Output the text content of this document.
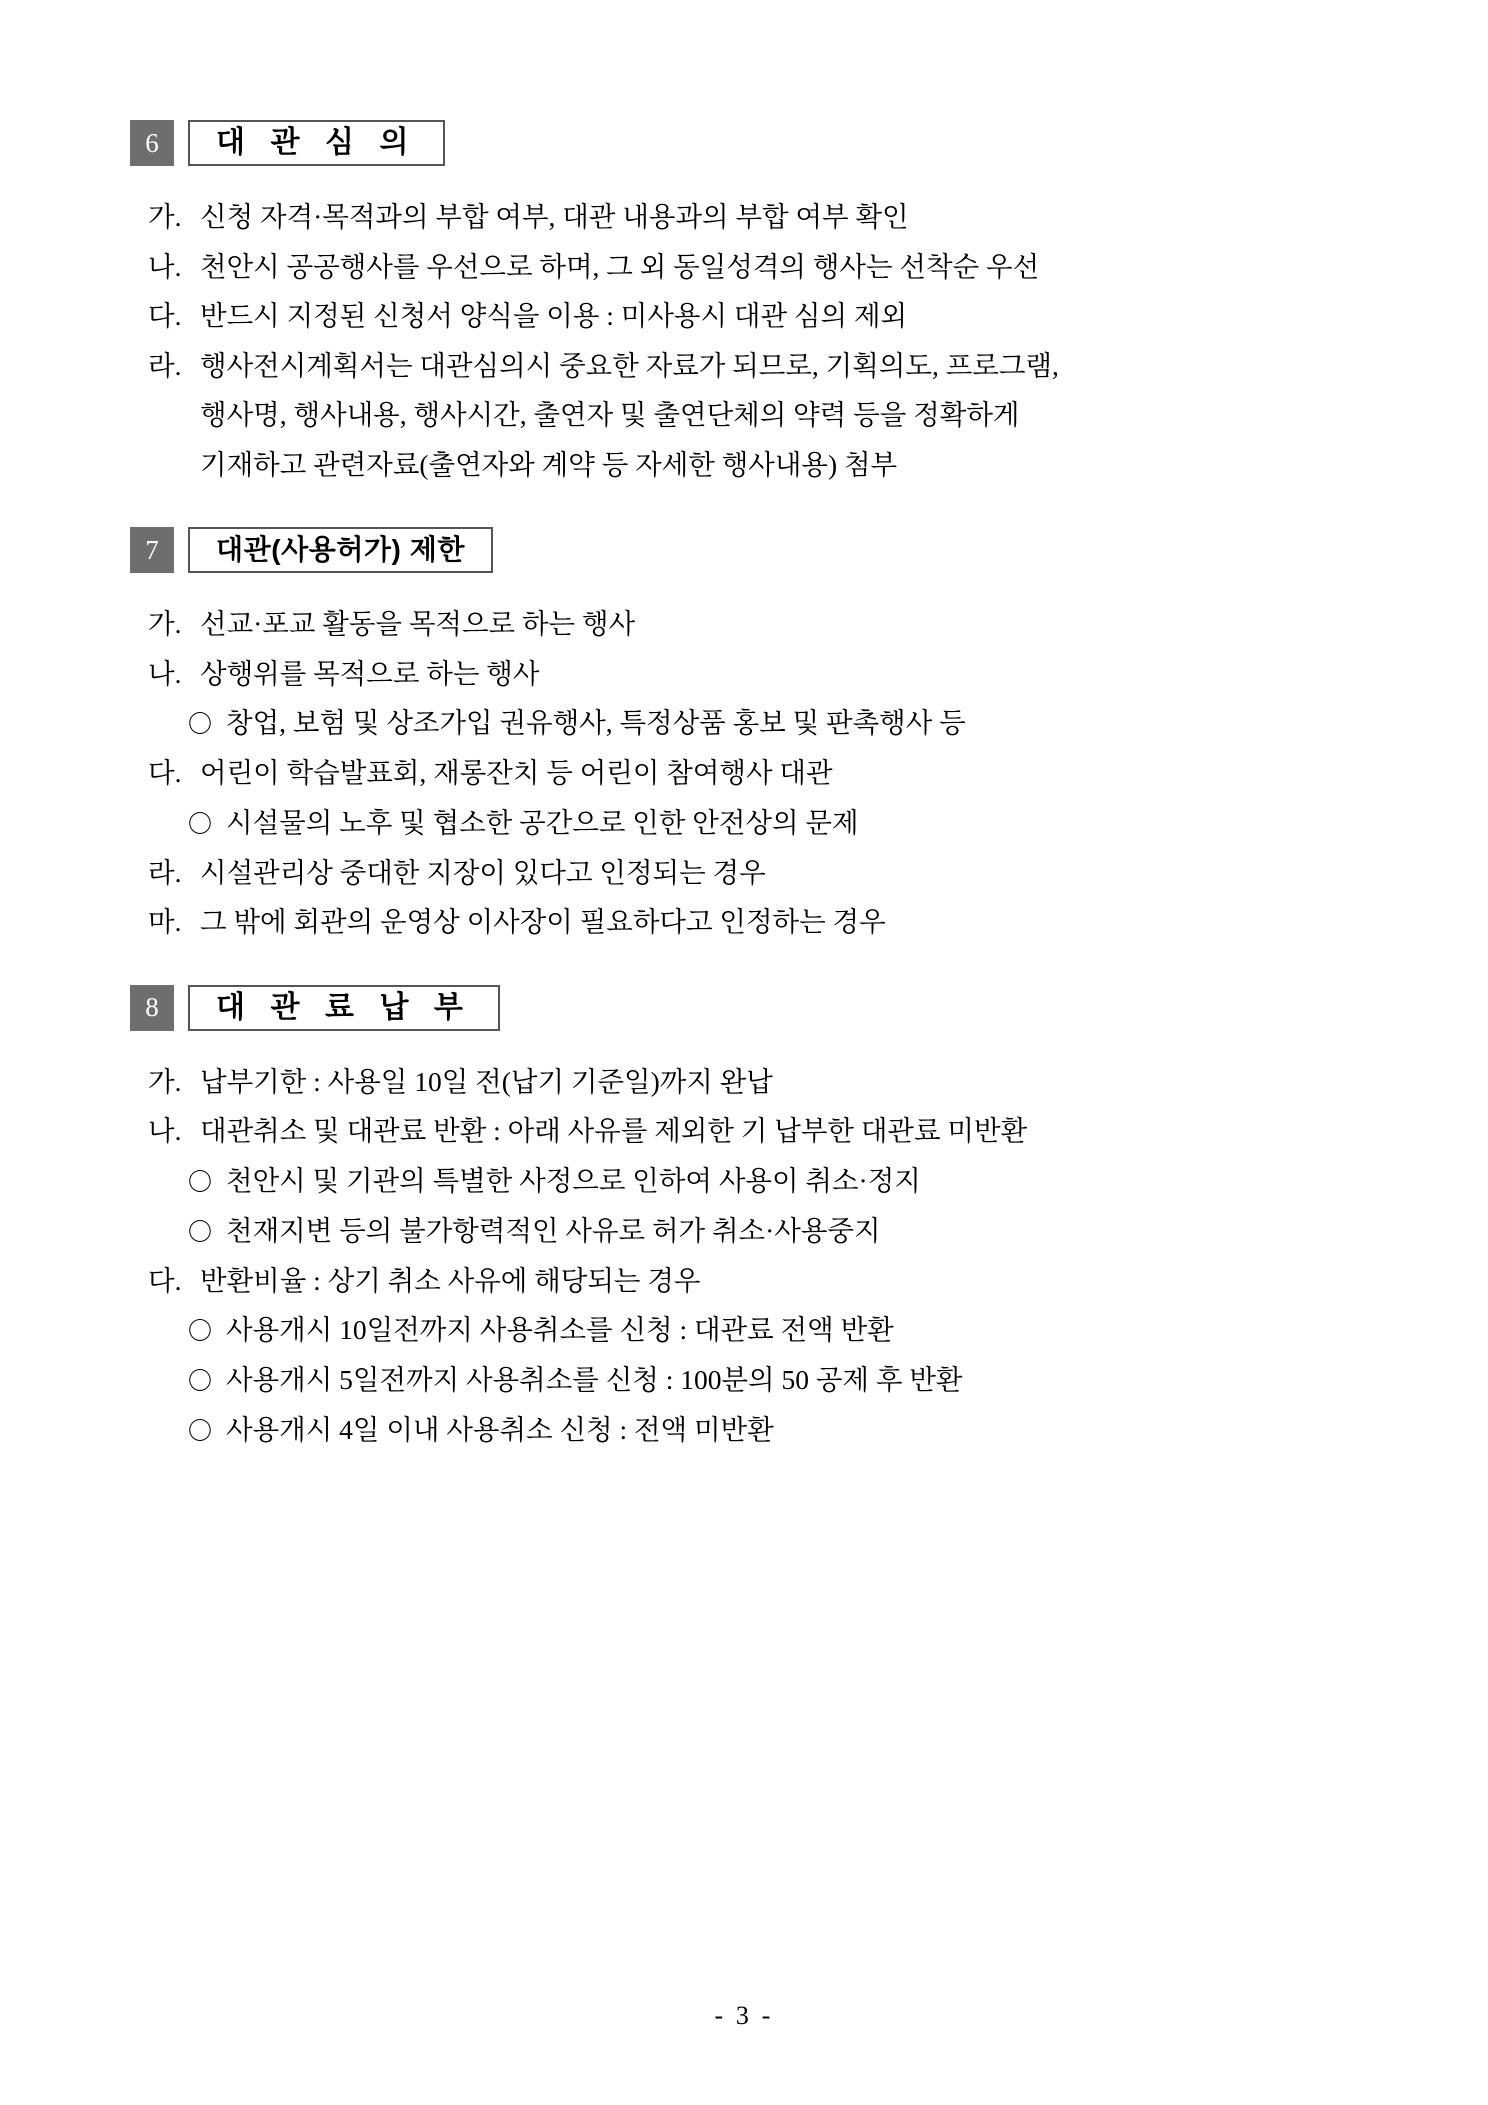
6	대 관 심 의
가. 신청 자격·목적과의 부합 여부, 대관 내용과의 부합 여부 확인
나. 천안시 공공행사를 우선으로 하며, 그 외 동일성격의 행사는 선착순 우선
다. 반드시 지정된 신청서 양식을 이용 : 미사용시 대관 심의 제외
라. 행사전시계획서는 대관심의시 중요한 자료가 되므로, 기획의도, 프로그램,
행사명, 행사내용, 행사시간, 출연자 및 출연단체의 약력 등을 정확하게
기재하고 관련자료(출연자와 계약 등 자세한 행사내용) 첨부
7	대관(사용허가) 제한
가. 선교·포교 활동을 목적으로 하는 행사
나. 상행위를 목적으로 하는 행사
〇 창업, 보험 및 상조가입 권유행사, 특정상품 홍보 및 판촉행사 등
다. 어린이 학습발표회, 재롱잔치 등 어린이 참여행사 대관
〇 시설물의 노후 및 협소한 공간으로 인한 안전상의 문제
라. 시설관리상 중대한 지장이 있다고 인정되는 경우
마. 그 밖에 회관의 운영상 이사장이 필요하다고 인정하는 경우
8	대 관 료 납 부
가. 납부기한 : 사용일 10일 전(납기 기준일)까지 완납
나. 대관취소 및 대관료 반환 : 아래 사유를 제외한 기 납부한 대관료 미반환
〇 천안시 및 기관의 특별한 사정으로 인하여 사용이 취소·정지
〇 천재지변 등의 불가항력적인 사유로 허가 취소·사용중지
다. 반환비율 : 상기 취소 사유에 해당되는 경우
〇 사용개시 10일전까지 사용취소를 신청 : 대관료 전액 반환
〇 사용개시 5일전까지 사용취소를 신청 : 100분의 50 공제 후 반환
〇 사용개시 4일 이내 사용취소 신청 : 전액 미반환
- 3 -
